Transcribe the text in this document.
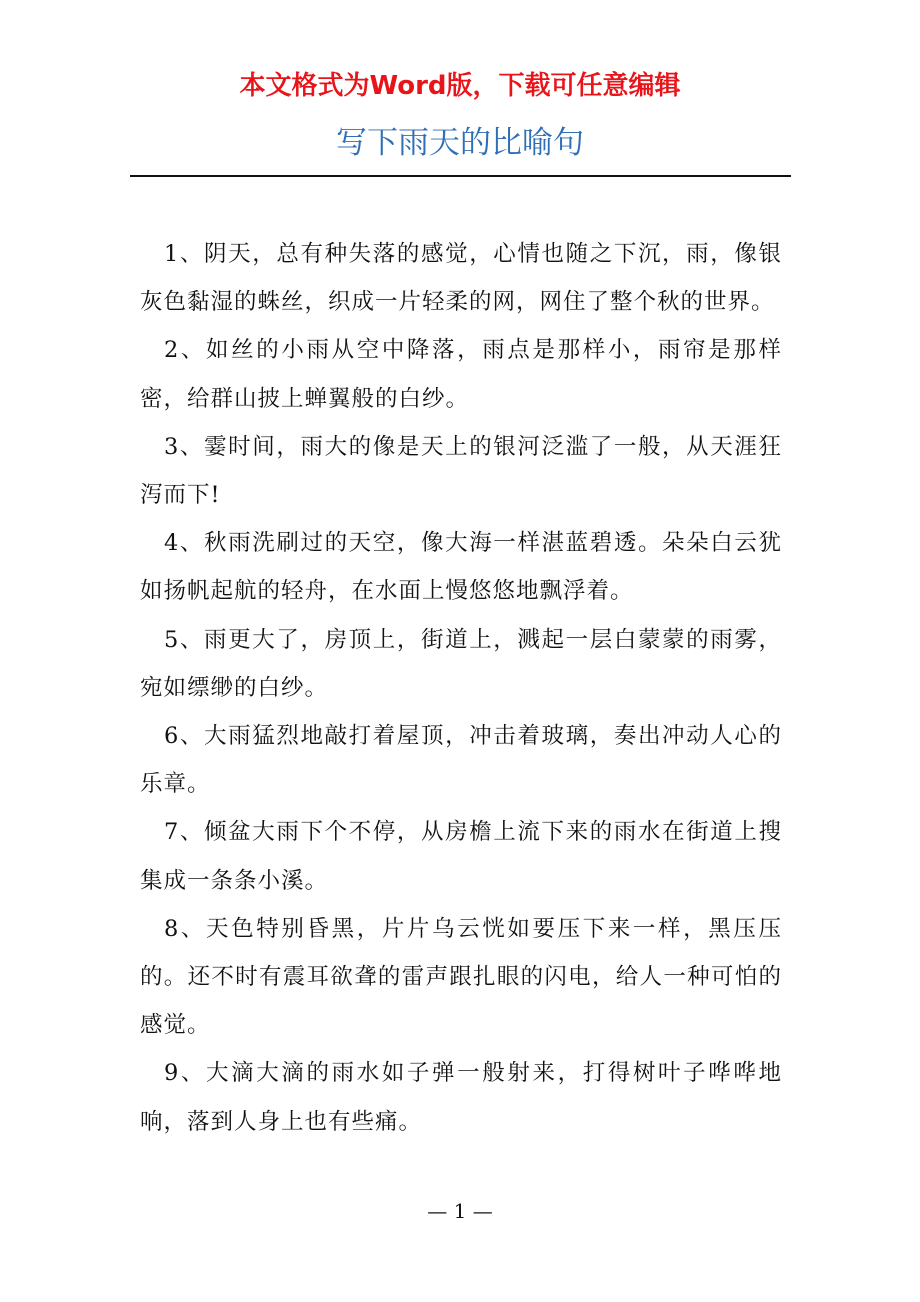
本文格式为Word版，下载可任意编辑
写下雨天的比喻句

1、阴天，总有种失落的感觉，心情也随之下沉，雨，像银灰色黏湿的蛛丝，织成一片轻柔的网，网住了整个秋的世界。

2、如丝的小雨从空中降落，雨点是那样小，雨帘是那样密，给群山披上蝉翼般的白纱。

3、霎时间，雨大的像是天上的银河泛滥了一般，从天涯狂泻而下!

4、秋雨洗刷过的天空，像大海一样湛蓝碧透。朵朵白云犹如扬帆起航的轻舟，在水面上慢悠悠地飘浮着。

5、雨更大了，房顶上，街道上，溅起一层白蒙蒙的雨雾，宛如缥缈的白纱。

6、大雨猛烈地敲打着屋顶，冲击着玻璃，奏出冲动人心的乐章。

7、倾盆大雨下个不停，从房檐上流下来的雨水在街道上搜集成一条条小溪。

8、天色特别昏黑，片片乌云恍如要压下来一样，黑压压的。还不时有震耳欲聋的雷声跟扎眼的闪电，给人一种可怕的感觉。

9、大滴大滴的雨水如子弹一般射来，打得树叶子哗哗地响，落到人身上也有些痛。

— 1 —
